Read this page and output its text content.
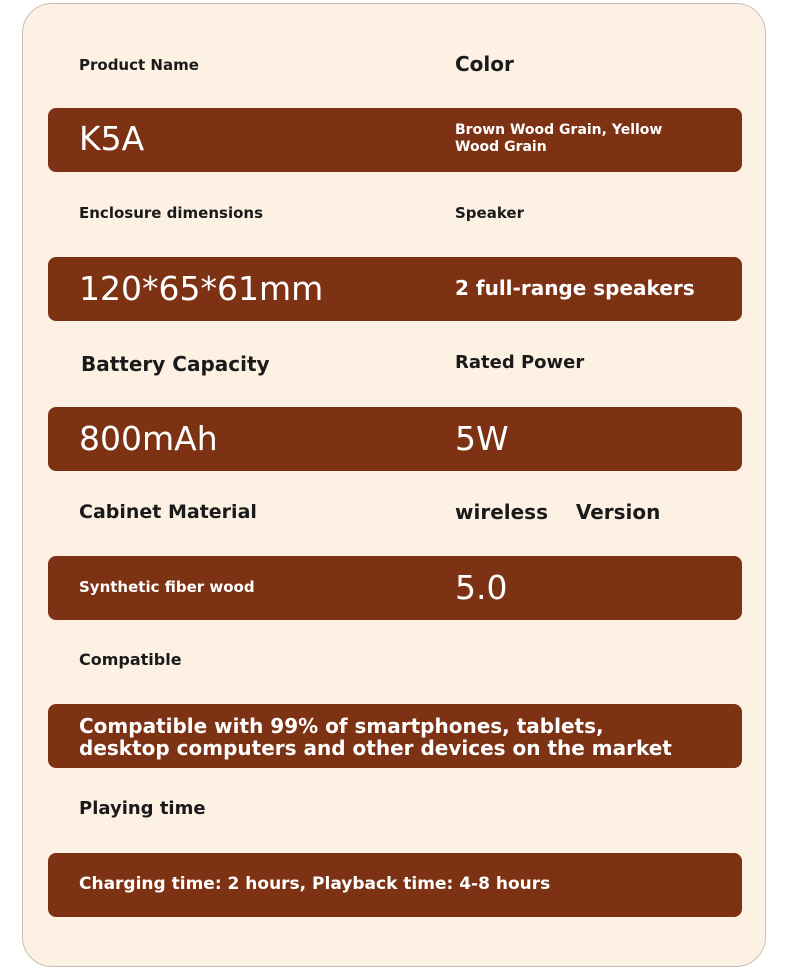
Product Name	Color
K5A	Brown Wood Grain, Yellow Wood Grain
Enclosure dimensions	Speaker
120*65*61mm	2 full-range speakers
Battery Capacity	Rated Power
800mAh	5W
Cabinet Material	wireless    Version
Synthetic fiber wood	5.0
Compatible
Compatible with 99% of smartphones, tablets, desktop computers and other devices on the market
Playing time
Charging time: 2 hours, Playback time: 4-8 hours
